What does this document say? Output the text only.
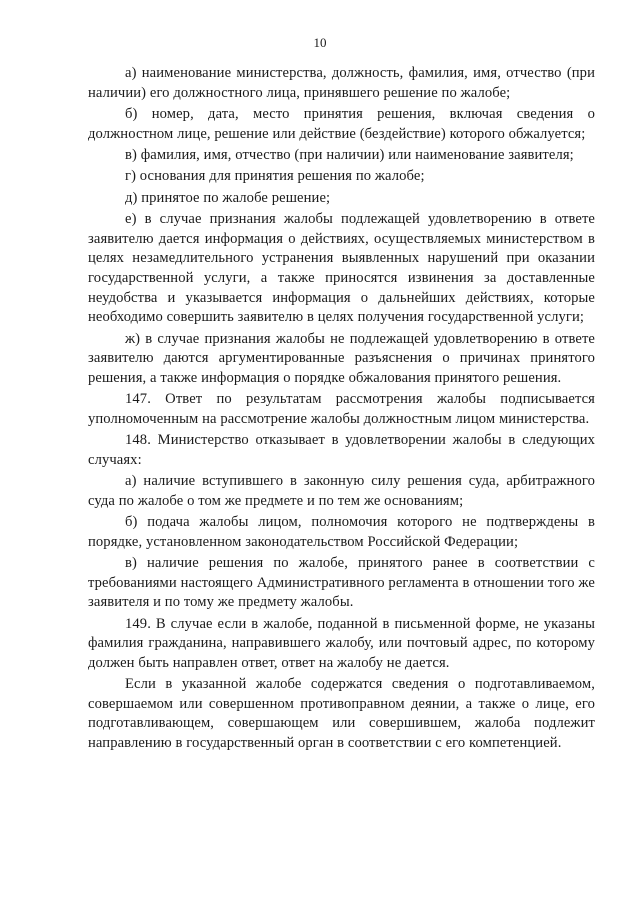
10

а) наименование министерства, должность, фамилия, имя, отчество (при наличии) его должностного лица, принявшего решение по жалобе;

б) номер, дата, место принятия решения, включая сведения о должностном лице, решение или действие (бездействие) которого обжалуется;

в) фамилия, имя, отчество (при наличии) или наименование заявителя;

г) основания для принятия решения по жалобе;

д) принятое по жалобе решение;

е) в случае признания жалобы подлежащей удовлетворению в ответе заявителю дается информация о действиях, осуществляемых министерством в целях незамедлительного устранения выявленных нарушений при оказании государственной услуги, а также приносятся извинения за доставленные неудобства и указывается информация о дальнейших действиях, которые необходимо совершить заявителю в целях получения государственной услуги;

ж) в случае признания жалобы не подлежащей удовлетворению в ответе заявителю даются аргументированные разъяснения о причинах принятого решения, а также информация о порядке обжалования принятого решения.

147. Ответ по результатам рассмотрения жалобы подписывается уполномоченным на рассмотрение жалобы должностным лицом министерства.

148. Министерство отказывает в удовлетворении жалобы в следующих случаях:

а) наличие вступившего в законную силу решения суда, арбитражного суда по жалобе о том же предмете и по тем же основаниям;

б) подача жалобы лицом, полномочия которого не подтверждены в порядке, установленном законодательством Российской Федерации;

в) наличие решения по жалобе, принятого ранее в соответствии с требованиями настоящего Административного регламента в отношении того же заявителя и по тому же предмету жалобы.

149. В случае если в жалобе, поданной в письменной форме, не указаны фамилия гражданина, направившего жалобу, или почтовый адрес, по которому должен быть направлен ответ, ответ на жалобу не дается.

Если в указанной жалобе содержатся сведения о подготавливаемом, совершаемом или совершенном противоправном деянии, а также о лице, его подготавливающем, совершающем или совершившем, жалоба подлежит направлению в государственный орган в соответствии с его компетенцией.
